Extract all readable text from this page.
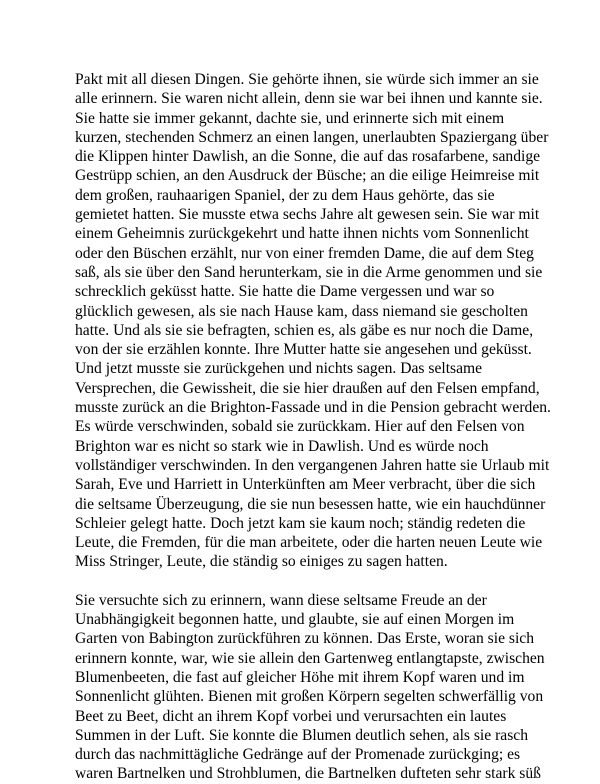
Pakt mit all diesen Dingen. Sie gehörte ihnen, sie würde sich immer an sie
alle erinnern. Sie waren nicht allein, denn sie war bei ihnen und kannte sie.
Sie hatte sie immer gekannt, dachte sie, und erinnerte sich mit einem
kurzen, stechenden Schmerz an einen langen, unerlaubten Spaziergang über
die Klippen hinter Dawlish, an die Sonne, die auf das rosafarbene, sandige
Gestrüpp schien, an den Ausdruck der Büsche; an die eilige Heimreise mit
dem großen, rauhaarigen Spaniel, der zu dem Haus gehörte, das sie
gemietet hatten. Sie musste etwa sechs Jahre alt gewesen sein. Sie war mit
einem Geheimnis zurückgekehrt und hatte ihnen nichts vom Sonnenlicht
oder den Büschen erzählt, nur von einer fremden Dame, die auf dem Steg
saß, als sie über den Sand herunterkam, sie in die Arme genommen und sie
schrecklich geküsst hatte. Sie hatte die Dame vergessen und war so
glücklich gewesen, als sie nach Hause kam, dass niemand sie gescholten
hatte. Und als sie sie befragten, schien es, als gäbe es nur noch die Dame,
von der sie erzählen konnte. Ihre Mutter hatte sie angesehen und geküsst.
Und jetzt musste sie zurückgehen und nichts sagen. Das seltsame
Versprechen, die Gewissheit, die sie hier draußen auf den Felsen empfand,
musste zurück an die Brighton-Fassade und in die Pension gebracht werden.
Es würde verschwinden, sobald sie zurückkam. Hier auf den Felsen von
Brighton war es nicht so stark wie in Dawlish. Und es würde noch
vollständiger verschwinden. In den vergangenen Jahren hatte sie Urlaub mit
Sarah, Eve und Harriett in Unterkünften am Meer verbracht, über die sich
die seltsame Überzeugung, die sie nun besessen hatte, wie ein hauchdünner
Schleier gelegt hatte. Doch jetzt kam sie kaum noch; ständig redeten die
Leute, die Fremden, für die man arbeitete, oder die harten neuen Leute wie
Miss Stringer, Leute, die ständig so einiges zu sagen hatten.

Sie versuchte sich zu erinnern, wann diese seltsame Freude an der
Unabhängigkeit begonnen hatte, und glaubte, sie auf einen Morgen im
Garten von Babington zurückführen zu können. Das Erste, woran sie sich
erinnern konnte, war, wie sie allein den Gartenweg entlangtapste, zwischen
Blumenbeeten, die fast auf gleicher Höhe mit ihrem Kopf waren und im
Sonnenlicht glühten. Bienen mit großen Körpern segelten schwerfällig von
Beet zu Beet, dicht an ihrem Kopf vorbei und verursachten ein lautes
Summen in der Luft. Sie konnte die Blumen deutlich sehen, als sie rasch
durch das nachmittägliche Gedränge auf der Promenade zurückging; es
waren Bartnelken und Strohblumen, die Bartnelken dufteten sehr stark süß
